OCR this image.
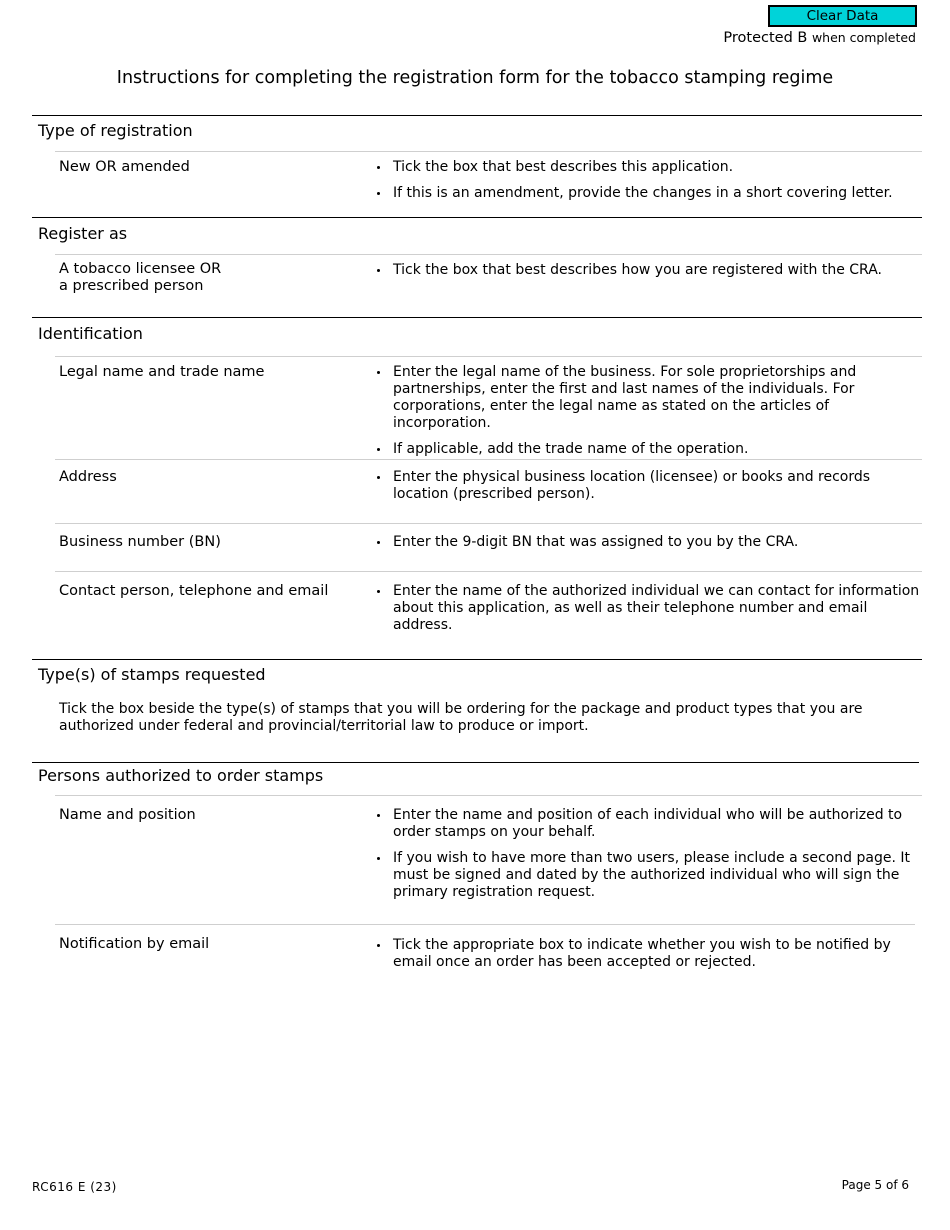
Clear Data
Protected B when completed
Instructions for completing the registration form for the tobacco stamping regime
Type of registration

New OR amended	Tick the box that best describes this application.
If this is an amendment, provide the changes in a short covering letter.
Register as

A tobacco licensee OR
a prescribed person

Tick the box that best describes how you are registered with the CRA.
Identification

Legal name and trade name	Enter the legal name of the business. For sole proprietorships and partnerships, enter the first and last names of the individuals. For corporations, enter the legal name as stated on the articles of incorporation.
If applicable, add the trade name of the operation.

Address	Enter the physical business location (licensee) or books and records location (prescribed person).

Business number (BN)	Enter the 9-digit BN that was assigned to you by the CRA.

Contact person, telephone and email	Enter the name of the authorized individual we can contact for information about this application, as well as their telephone number and email address.
Type(s) of stamps requested

Tick the box beside the type(s) of stamps that you will be ordering for the package and product types that you are authorized under federal and provincial/territorial law to produce or import.

Persons authorized to order stamps

Name and position	Enter the name and position of each individual who will be authorized to order stamps on your behalf.
If you wish to have more than two users, please include a second page. It must be signed and dated by the authorized individual who will sign the primary registration request.

Notification by email	Tick the appropriate box to indicate whether you wish to be notified by email once an order has been accepted or rejected.
RC616 E (23)	Page 5 of 6
